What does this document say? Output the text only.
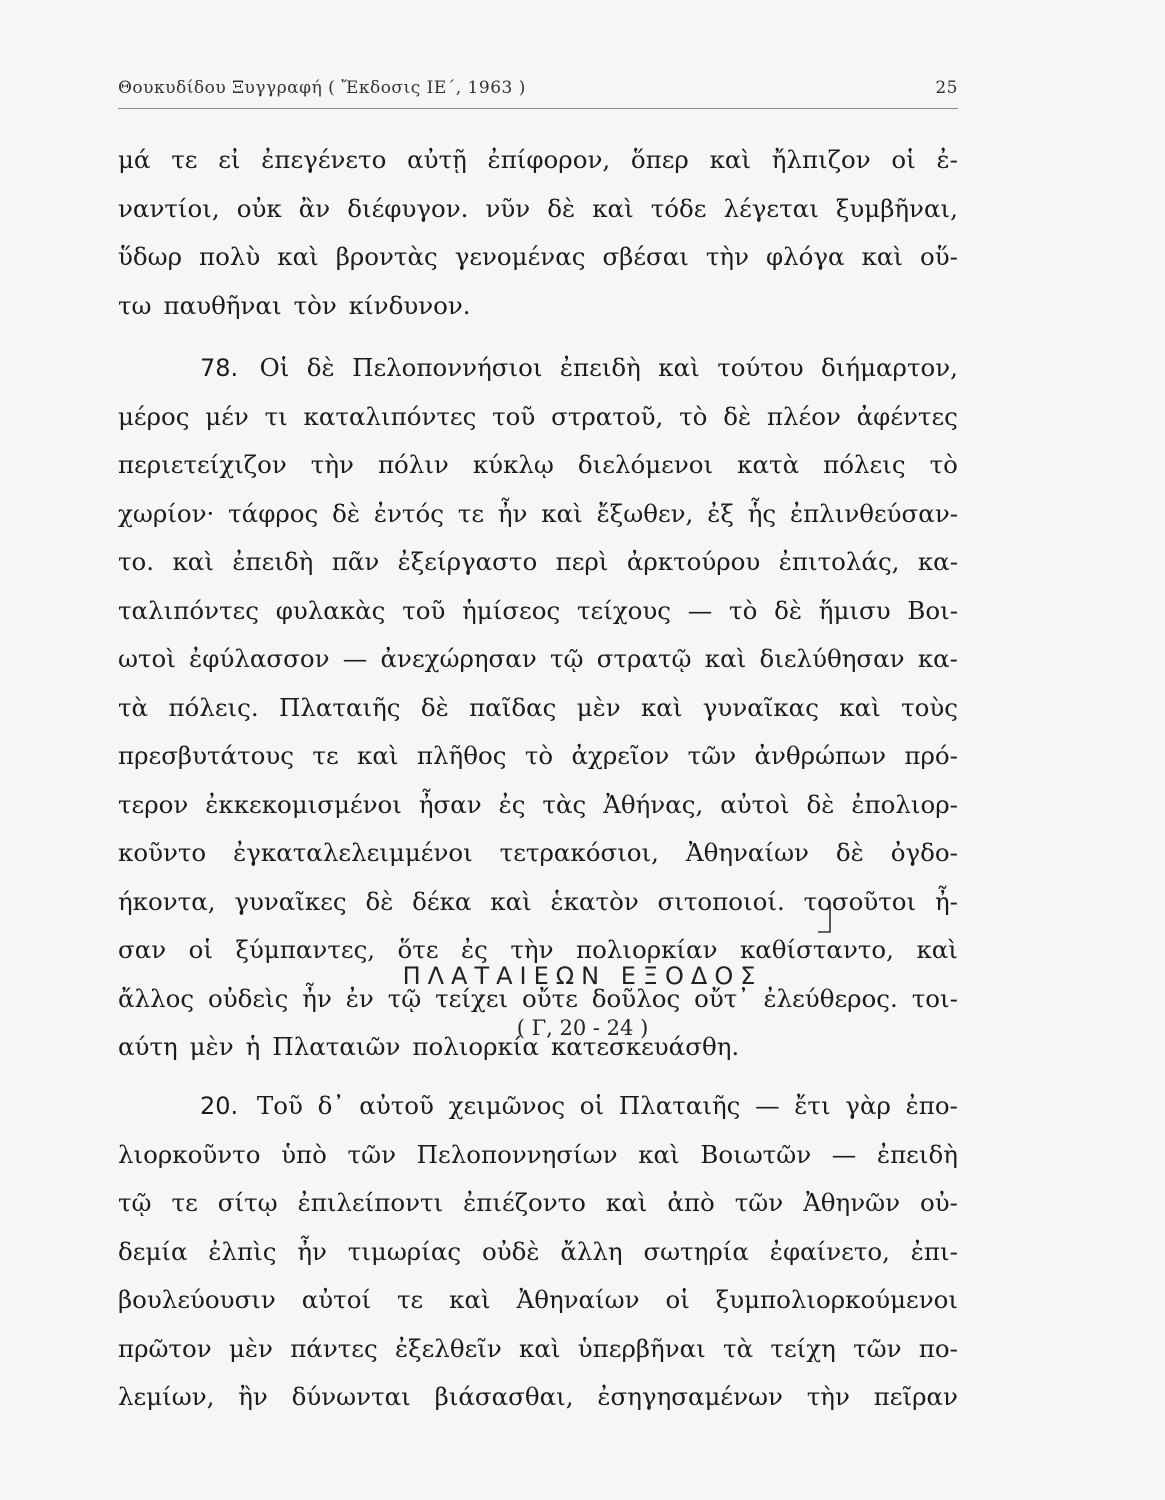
Θουκυδίδου Ξυγγραφή ( Ἔκδοσις ΙΕ΄, 1963 )	25
μά τε εἰ ἐπεγένετο αὐτῇ ἐπίφορον, ὅπερ καὶ ἤλπιζον οἱ ἐ-
ναντίοι, οὐκ ἂν διέφυγον. νῦν δὲ καὶ τόδε λέγεται ξυμβῆναι,
ὕδωρ πολὺ καὶ βροντὰς γενομένας σβέσαι τὴν φλόγα καὶ οὕ-
τω παυθῆναι τὸν κίνδυνον.
78. Οἱ δὲ Πελοποννήσιοι ἐπειδὴ καὶ τούτου διήμαρτον,
μέρος μέν τι καταλιπόντες τοῦ στρατοῦ, τὸ δὲ πλέον ἀφέντες
περιετείχιζον τὴν πόλιν κύκλῳ διελόμενοι κατὰ πόλεις τὸ
χωρίον· τάφρος δὲ ἐντός τε ἦν καὶ ἔξωθεν, ἐξ ἧς ἐπλινθεύσαν-
το. καὶ ἐπειδὴ πᾶν ἐξείργαστο περὶ ἀρκτούρου ἐπιτολάς, κα-
ταλιπόντες φυλακὰς τοῦ ἡμίσεος τείχους — τὸ δὲ ἥμισυ Βοι-
ωτοὶ ἐφύλασσον — ἀνεχώρησαν τῷ στρατῷ καὶ διελύθησαν κα-
τὰ πόλεις. Πλαταιῆς δὲ παῖδας μὲν καὶ γυναῖκας καὶ τοὺς
πρεσβυτάτους τε καὶ πλῆθος τὸ ἀχρεῖον τῶν ἀνθρώπων πρό-
τερον ἐκκεκομισμένοι ἦσαν ἐς τὰς Ἀθήνας, αὐτοὶ δὲ ἐπολιορ-
κοῦντο ἐγκαταλελειμμένοι τετρακόσιοι, Ἀθηναίων δὲ ὀγδο-
ήκοντα, γυναῖκες δὲ δέκα καὶ ἑκατὸν σιτοποιοί. τοσοῦτοι ἦ-
σαν οἱ ξύμπαντες, ὅτε ἐς τὴν πολιορκίαν καθίσταντο, καὶ
ἄλλος οὐδεὶς ἦν ἐν τῷ τείχει οὔτε δοῦλος οὔτ᾽ ἐλεύθερος. τοι-
αύτη μὲν ἡ Πλαταιῶν πολιορκία κατεσκευάσθη.
ΠΛΑΤΑΙΕΩΝ ΕΞΟΔΟΣ
( Γ, 20 - 24 )
20. Τοῦ δ᾽ αὐτοῦ χειμῶνος οἱ Πλαταιῆς — ἔτι γὰρ ἐπο-
λιορκοῦντο ὑπὸ τῶν Πελοποννησίων καὶ Βοιωτῶν — ἐπειδὴ
τῷ τε σίτῳ ἐπιλείποντι ἐπιέζοντο καὶ ἀπὸ τῶν Ἀθηνῶν οὐ-
δεμία ἐλπὶς ἦν τιμωρίας οὐδὲ ἄλλη σωτηρία ἐφαίνετο, ἐπι-
βουλεύουσιν αὐτοί τε καὶ Ἀθηναίων οἱ ξυμπολιορκούμενοι
πρῶτον μὲν πάντες ἐξελθεῖν καὶ ὑπερβῆναι τὰ τείχη τῶν πο-
λεμίων, ἢν δύνωνται βιάσασθαι, ἐσηγησαμένων τὴν πεῖραν
